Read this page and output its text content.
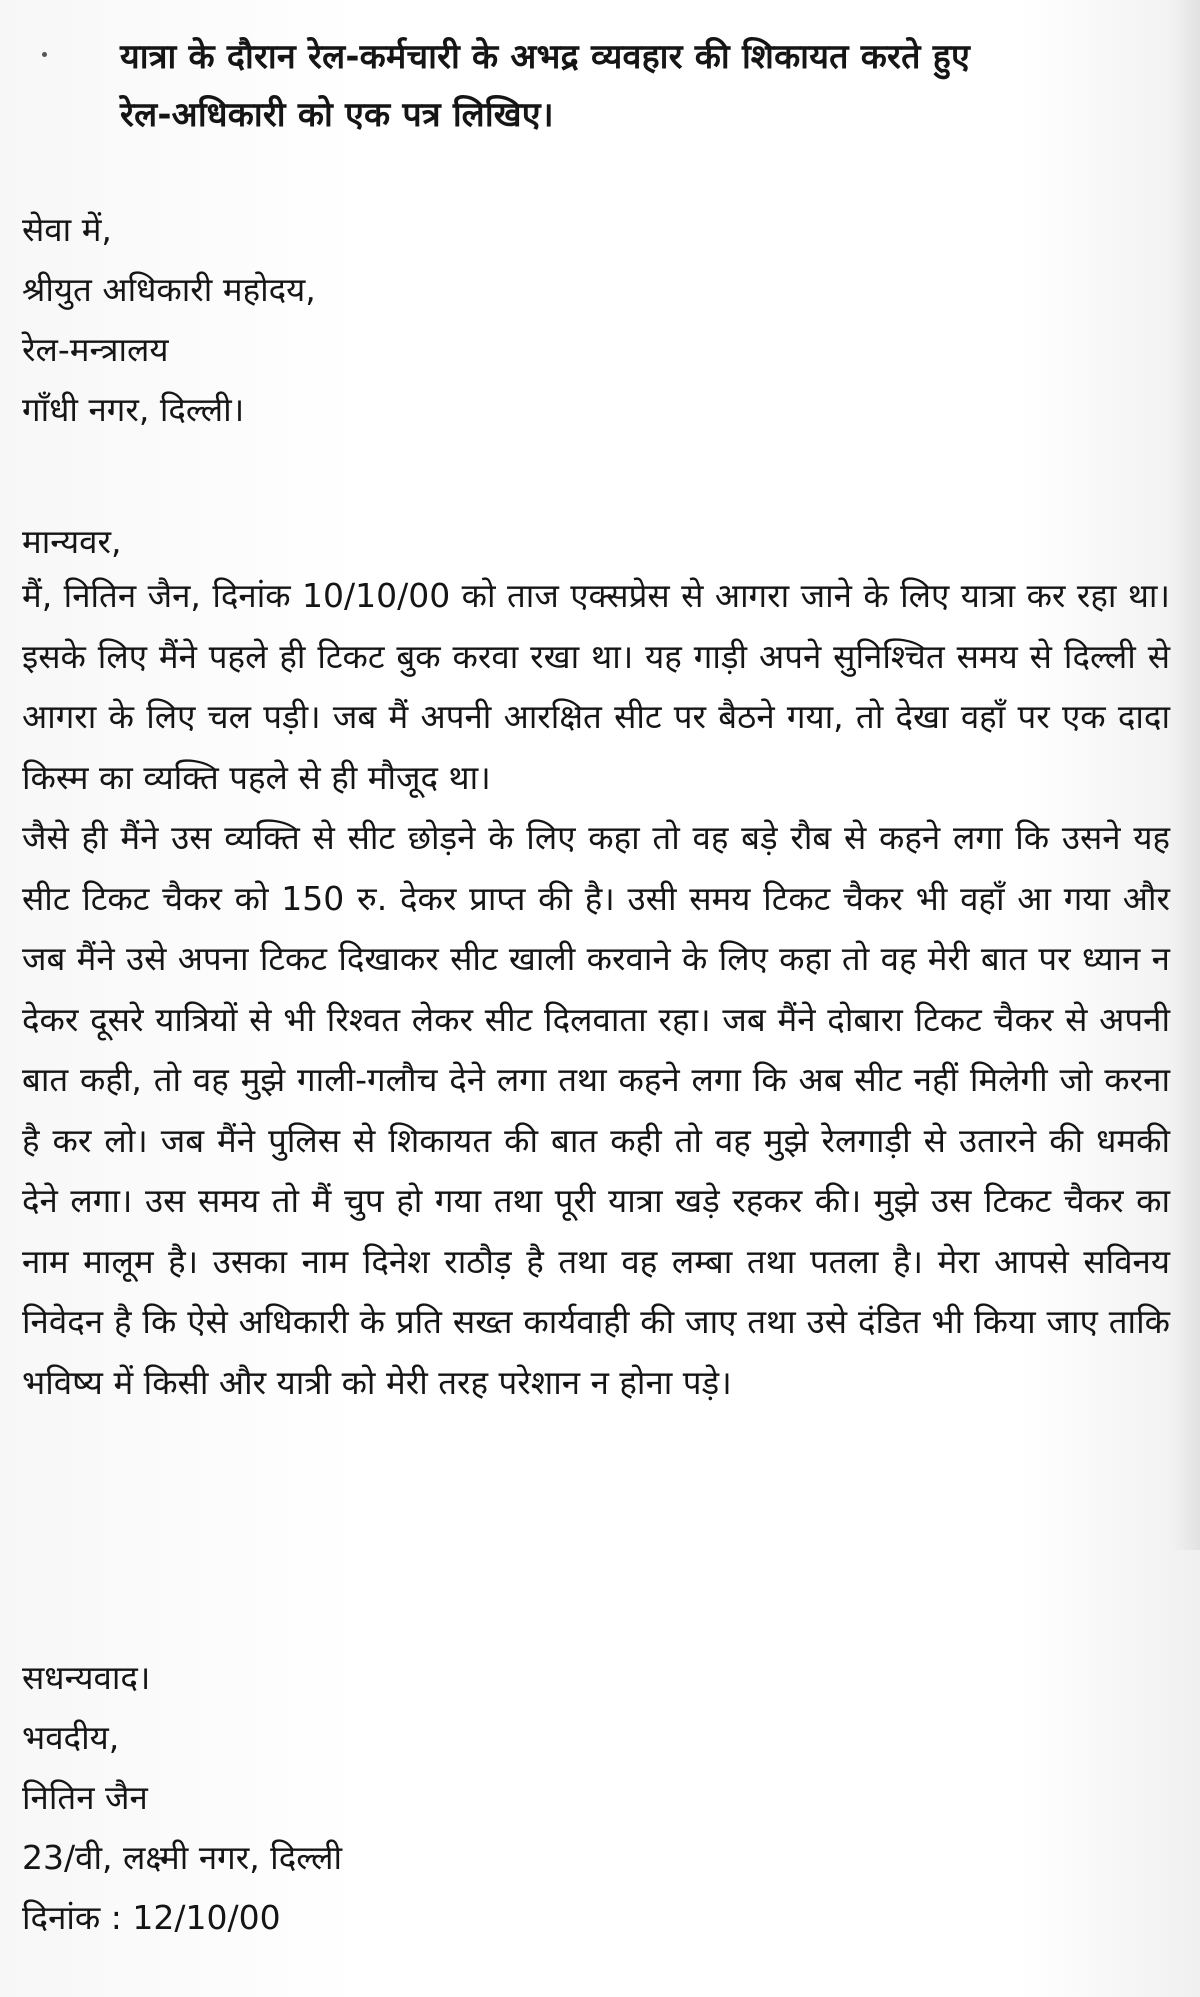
यात्रा के दौरान रेल-कर्मचारी के अभद्र व्यवहार की शिकायत करते हुए
रेल-अधिकारी को एक पत्र लिखिए।
सेवा में,
श्रीयुत अधिकारी महोदय,
रेल-मन्त्रालय
गाँधी नगर, दिल्ली।
मान्यवर,

मैं, नितिन जैन, दिनांक 10/10/00 को ताज एक्सप्रेस से आगरा जाने के लिए यात्रा कर रहा था। इसके लिए मैंने पहले ही टिकट बुक करवा रखा था। यह गाड़ी अपने सुनिश्चित समय से दिल्ली से आगरा के लिए चल पड़ी। जब मैं अपनी आरक्षित सीट पर बैठने गया, तो देखा वहाँ पर एक दादा किस्म का व्यक्ति पहले से ही मौजूद था।

जैसे ही मैंने उस व्यक्ति से सीट छोड़ने के लिए कहा तो वह बड़े रौब से कहने लगा कि उसने यह सीट टिकट चैकर को 150 रु. देकर प्राप्त की है। उसी समय टिकट चैकर भी वहाँ आ गया और जब मैंने उसे अपना टिकट दिखाकर सीट खाली करवाने के लिए कहा तो वह मेरी बात पर ध्यान न देकर दूसरे यात्रियों से भी रिश्वत लेकर सीट दिलवाता रहा। जब मैंने दोबारा टिकट चैकर से अपनी बात कही, तो वह मुझे गाली-गलौच देने लगा तथा कहने लगा कि अब सीट नहीं मिलेगी जो करना है कर लो। जब मैंने पुलिस से शिकायत की बात कही तो वह मुझे रेलगाड़ी से उतारने की धमकी देने लगा। उस समय तो मैं चुप हो गया तथा पूरी यात्रा खड़े रहकर की। मुझे उस टिकट चैकर का नाम मालूम है। उसका नाम दिनेश राठौड़ है तथा वह लम्बा तथा पतला है। मेरा आपसे सविनय निवेदन है कि ऐसे अधिकारी के प्रति सख्त कार्यवाही की जाए तथा उसे दंडित भी किया जाए ताकि भविष्य में किसी और यात्री को मेरी तरह परेशान न होना पड़े।

सधन्यवाद।
भवदीय,
नितिन जैन
23/वी, लक्ष्मी नगर, दिल्ली
दिनांक : 12/10/00
